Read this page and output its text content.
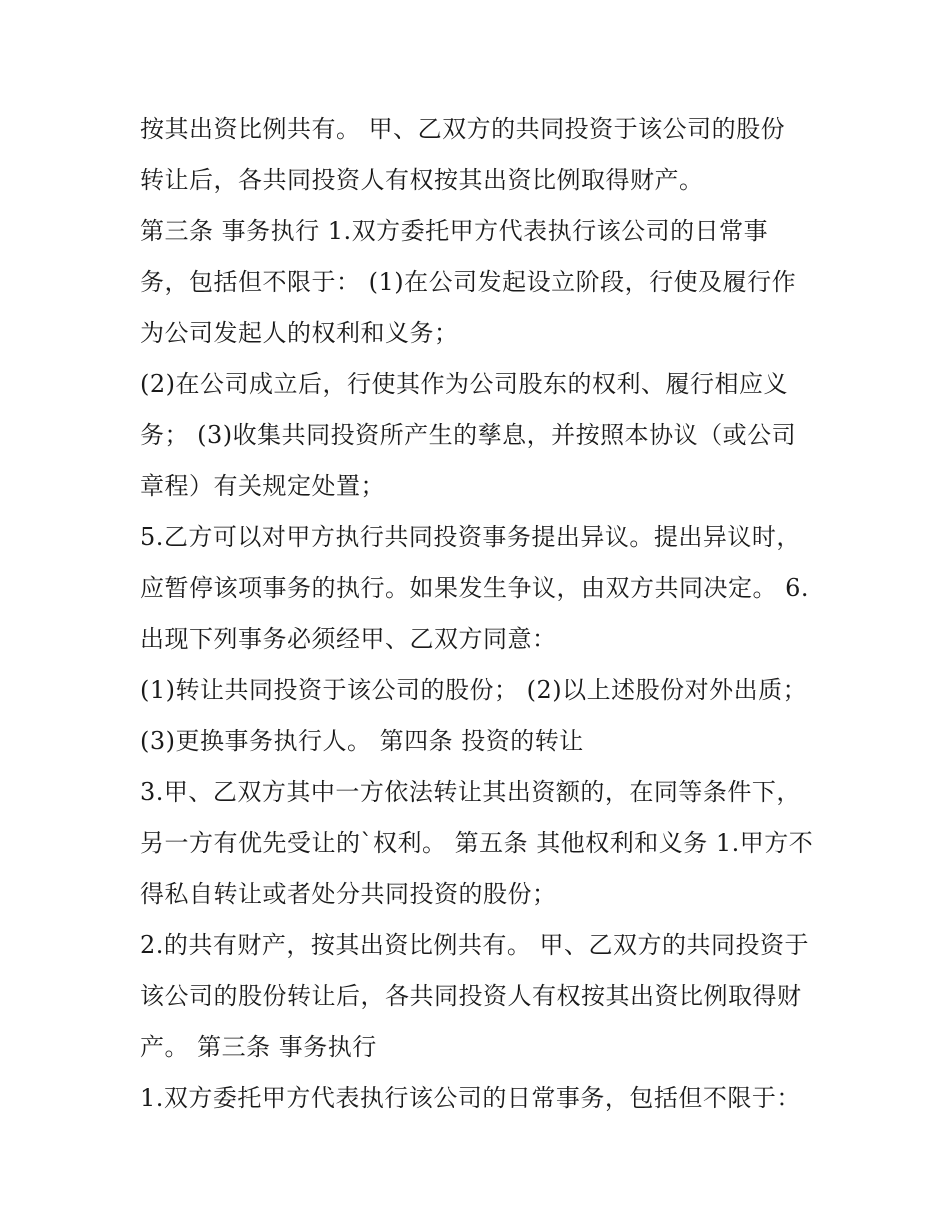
按其出资比例共有。 甲、乙双方的共同投资于该公司的股份
转让后，各共同投资人有权按其出资比例取得财产。
第三条 事务执行 1.双方委托甲方代表执行该公司的日常事
务，包括但不限于： (1)在公司发起设立阶段，行使及履行作
为公司发起人的权利和义务；
(2)在公司成立后，行使其作为公司股东的权利、履行相应义
务； (3)收集共同投资所产生的孳息，并按照本协议（或公司
章程）有关规定处置；
5.乙方可以对甲方执行共同投资事务提出异议。提出异议时，
应暂停该项事务的执行。如果发生争议，由双方共同决定。 6.
出现下列事务必须经甲、乙双方同意：
(1)转让共同投资于该公司的股份； (2)以上述股份对外出质；
(3)更换事务执行人。 第四条 投资的转让
3.甲、乙双方其中一方依法转让其出资额的，在同等条件下，
另一方有优先受让的`权利。 第五条 其他权利和义务 1.甲方不
得私自转让或者处分共同投资的股份；
2.的共有财产，按其出资比例共有。 甲、乙双方的共同投资于
该公司的股份转让后，各共同投资人有权按其出资比例取得财
产。 第三条 事务执行
1.双方委托甲方代表执行该公司的日常事务，包括但不限于：
